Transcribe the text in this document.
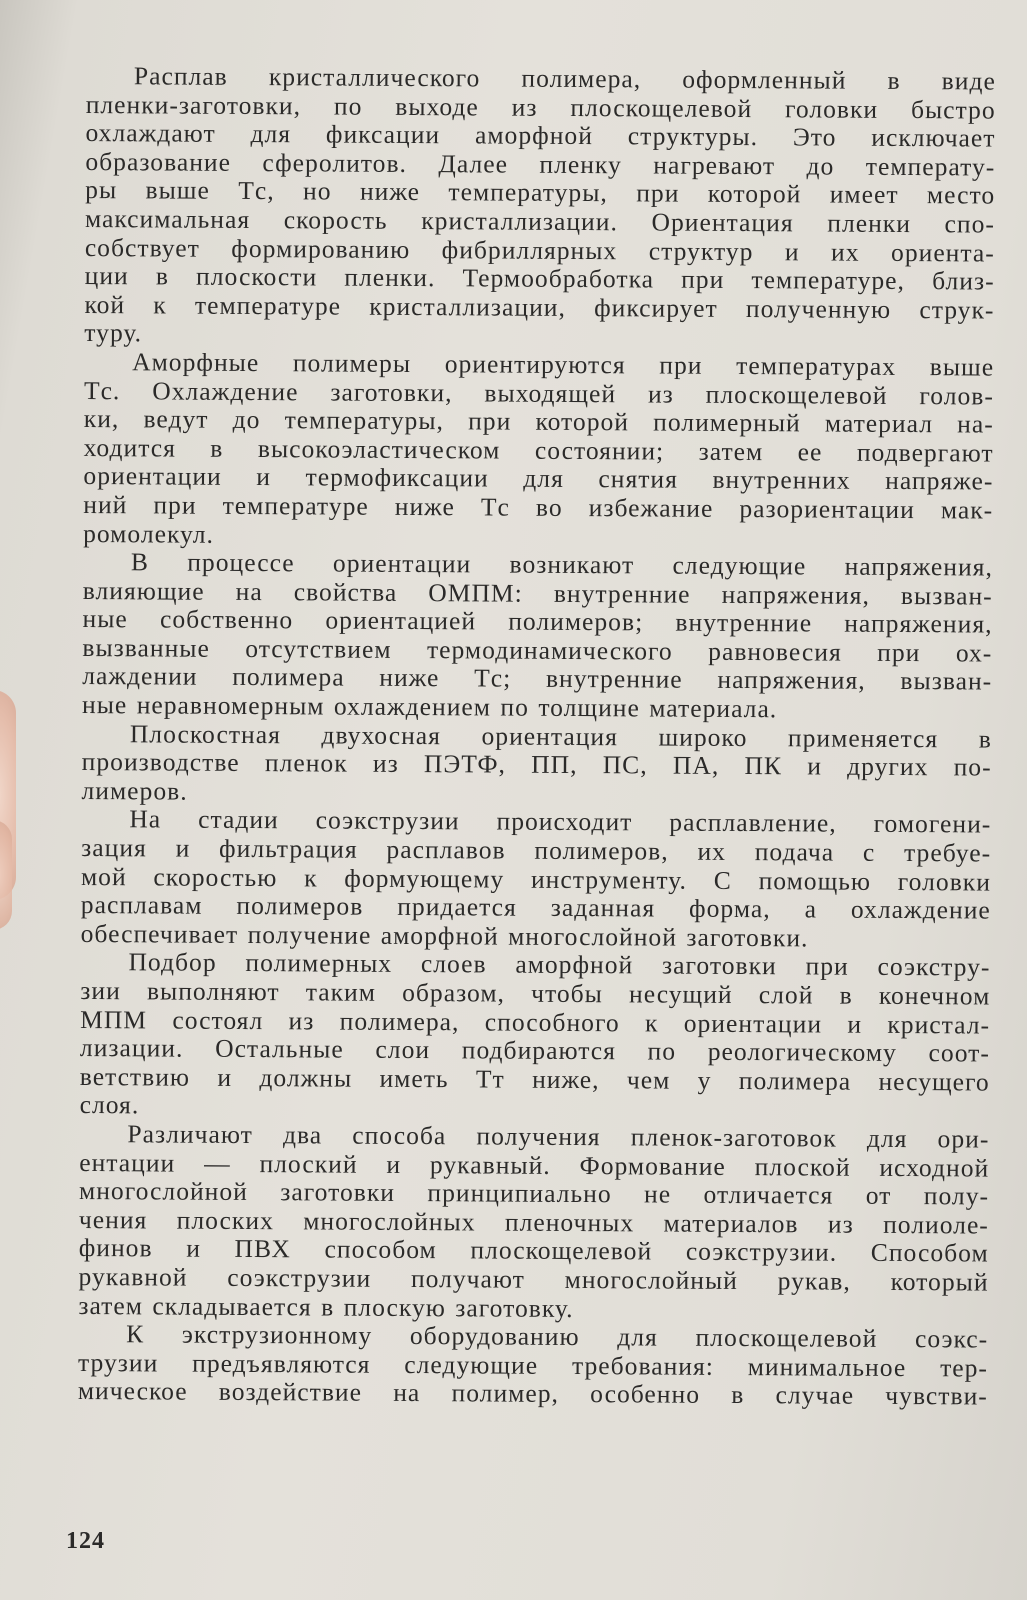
Расплав кристаллического полимера, оформленный в виде

пленки-заготовки, по выходе из плоскощелевой головки быстро

охлаждают для фиксации аморфной структуры. Это исключает

образование сферолитов. Далее пленку нагревают до температу-

ры выше Tс, но ниже температуры, при которой имеет место

максимальная скорость кристаллизации. Ориентация пленки спо-

собствует формированию фибриллярных структур и их ориента-

ции в плоскости пленки. Термообработка при температуре, близ-

кой к температуре кристаллизации, фиксирует полученную струк-

туру.

Аморфные полимеры ориентируются при температурах выше

Tс. Охлаждение заготовки, выходящей из плоскощелевой голов-

ки, ведут до температуры, при которой полимерный материал на-

ходится в высокоэластическом состоянии; затем ее подвергают

ориентации и термофиксации для снятия внутренних напряже-

ний при температуре ниже Tс во избежание разориентации мак-

ромолекул.

В процессе ориентации возникают следующие напряжения,

влияющие на свойства ОМПМ: внутренние напряжения, вызван-

ные собственно ориентацией полимеров; внутренние напряжения,

вызванные отсутствием термодинамического равновесия при ох-

лаждении полимера ниже Tс; внутренние напряжения, вызван-

ные неравномерным охлаждением по толщине материала.

Плоскостная двухосная ориентация широко применяется в

производстве пленок из ПЭТФ, ПП, ПС, ПА, ПК и других по-

лимеров.

На стадии соэкструзии происходит расплавление, гомогени-

зация и фильтрация расплавов полимеров, их подача с требуе-

мой скоростью к формующему инструменту. С помощью головки

расплавам полимеров придается заданная форма, а охлаждение

обеспечивает получение аморфной многослойной заготовки.

Подбор полимерных слоев аморфной заготовки при соэкстру-

зии выполняют таким образом, чтобы несущий слой в конечном

МПМ состоял из полимера, способного к ориентации и кристал-

лизации. Остальные слои подбираются по реологическому соот-

ветствию и должны иметь Tт ниже, чем у полимера несущего

слоя.

Различают два способа получения пленок-заготовок для ори-

ентации — плоский и рукавный. Формование плоской исходной

многослойной заготовки принципиально не отличается от полу-

чения плоских многослойных пленочных материалов из полиоле-

финов и ПВХ способом плоскощелевой соэкструзии. Способом

рукавной соэкструзии получают многослойный рукав, который

затем складывается в плоскую заготовку.

К экструзионному оборудованию для плоскощелевой соэкс-

трузии предъявляются следующие требования: минимальное тер-

мическое воздействие на полимер, особенно в случае чувстви-

124
